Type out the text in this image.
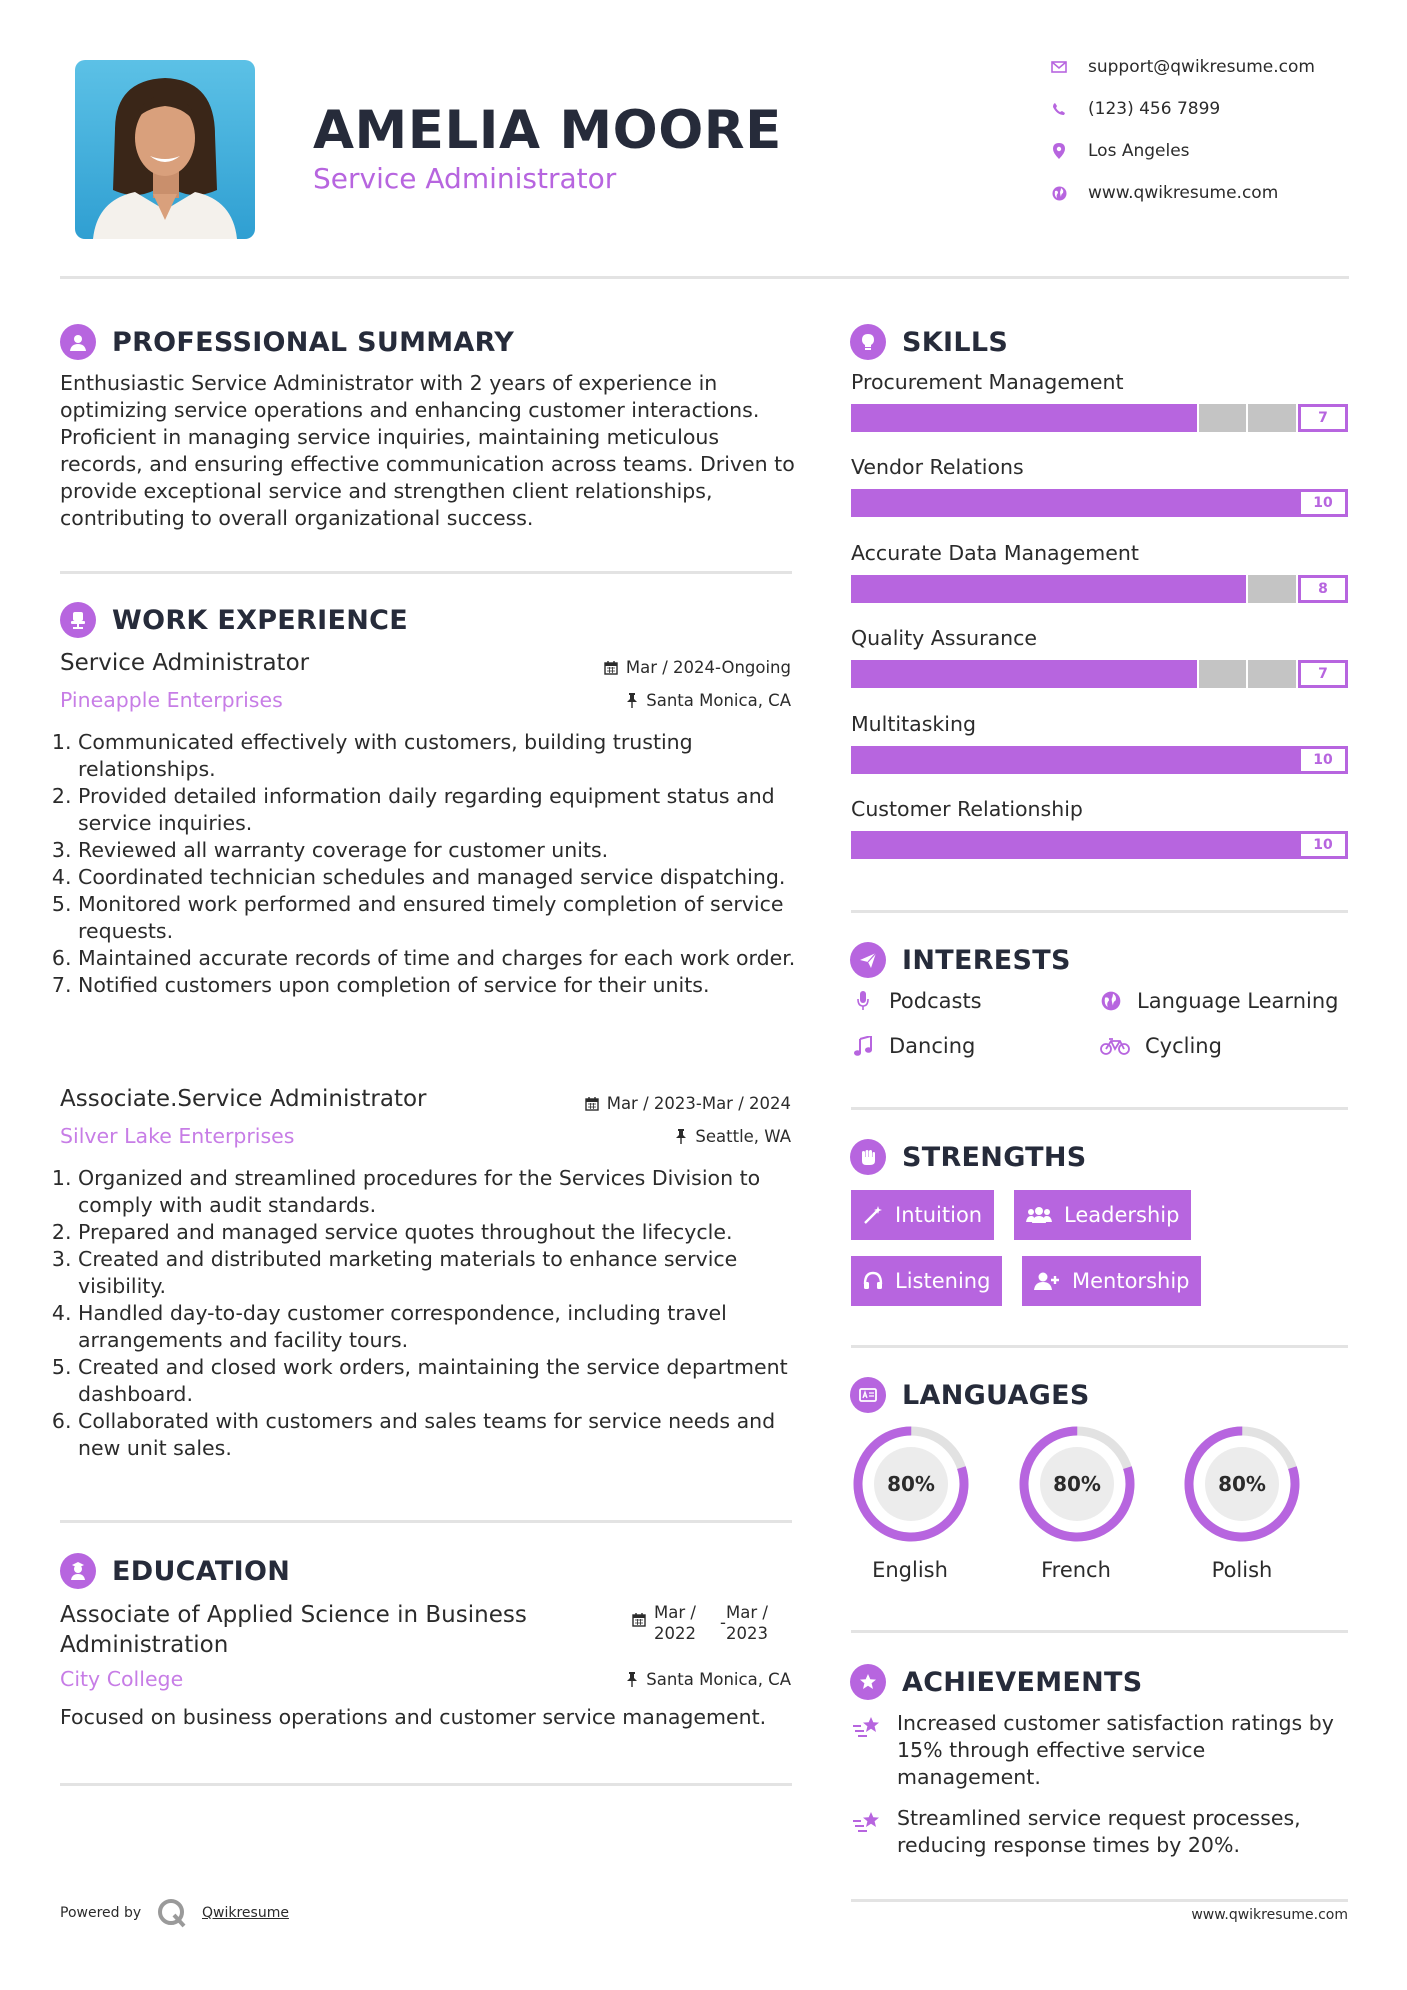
AMELIA MOORE
Service Administrator
support@qwikresume.com
(123) 456 7899
Los Angeles
www.qwikresume.com
PROFESSIONAL SUMMARY
Enthusiastic Service Administrator with 2 years of experience in optimizing service operations and enhancing customer interactions. Proficient in managing service inquiries, maintaining meticulous records, and ensuring effective communication across teams. Driven to provide exceptional service and strengthen client relationships, contributing to overall organizational success.
WORK EXPERIENCE
Service Administrator	Mar / 2024-Ongoing
Pineapple Enterprises	Santa Monica, CA
1. Communicated effectively with customers, building trusting relationships.
2. Provided detailed information daily regarding equipment status and service inquiries.
3. Reviewed all warranty coverage for customer units.
4. Coordinated technician schedules and managed service dispatching.
5. Monitored work performed and ensured timely completion of service requests.
6. Maintained accurate records of time and charges for each work order.
7. Notified customers upon completion of service for their units.
Associate.Service Administrator	Mar / 2023-Mar / 2024
Silver Lake Enterprises	Seattle, WA
1. Organized and streamlined procedures for the Services Division to comply with audit standards.
2. Prepared and managed service quotes throughout the lifecycle.
3. Created and distributed marketing materials to enhance service visibility.
4. Handled day-to-day customer correspondence, including travel arrangements and facility tours.
5. Created and closed work orders, maintaining the service department dashboard.
6. Collaborated with customers and sales teams for service needs and new unit sales.
EDUCATION
Associate of Applied Science in Business
Administration
Mar /
2022
-
Mar /
2023
City College	Santa Monica, CA
Focused on business operations and customer service management.
SKILLS
Procurement Management
7
Vendor Relations
10
Accurate Data Management
8
Quality Assurance
7
Multitasking
10
Customer Relationship
10
INTERESTS
Podcasts	Language Learning
Dancing	Cycling
STRENGTHS
Intuition	Leadership
Listening	Mentorship
LANGUAGES
80%	80%	80%
English	French	Polish
ACHIEVEMENTS
Increased customer satisfaction ratings by 15% through effective service management.
Streamlined service request processes, reducing response times by 20%.
Powered by	Qwikresume	www.qwikresume.com
